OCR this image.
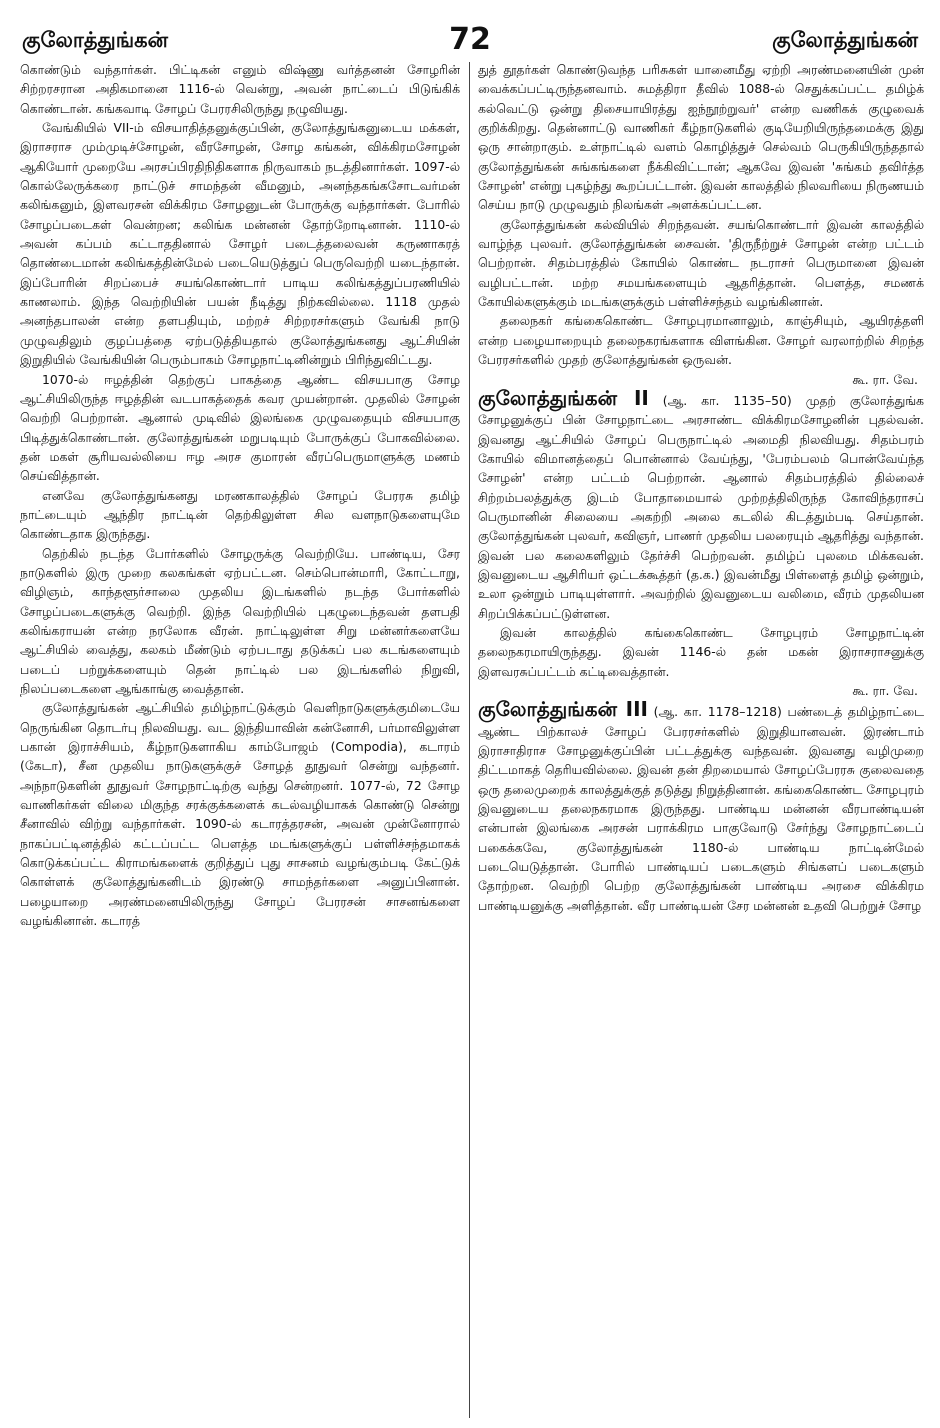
குலோத்துங்கன்	72	குலோத்துங்கன்

கொண்டும் வந்தார்கள். பிட்டிகன் எனும் விஷ்ணு வர்த்தனன் சோழரின் சிற்றரசரான அதிகமானை 1116-ல் வென்று, அவன் நாட்டைப் பிடுங்கிக் கொண்டான். கங்கவாடி சோழப் பேரரசிலிருந்து நழுவியது.

வேங்கியில் VII-ம் விசயாதித்தனுக்குப்பின், குலோத்துங்கனுடைய மக்கள், இராசராச மும்முடிச்சோழன், வீரசோழன், சோழ கங்கன், விக்கிரமசோழன் ஆகியோர் முறையே அரசப்பிரதிநிதிகளாக நிருவாகம் நடத்தினார்கள். 1097-ல் கொல்லேருக்கரை நாட்டுச் சாமந்தன் வீமனும், அனந்தகங்கசோடவர்மன் கலிங்கனும், இளவரசன் விக்கிரம சோழனுடன் போருக்கு வந்தார்கள். போரில் சோழப்படைகள் வென்றன; கலிங்க மன்னன் தோற்றோடினான். 1110-ல் அவன் கப்பம் கட்டாததினால் சோழர் படைத்தலைவன் கருணாகரத் தொண்டைமான் கலிங்கத்தின்மேல் படையெடுத்துப் பெருவெற்றி யடைந்தான். இப்போரின் சிறப்பைச் சயங்கொண்டார் பாடிய கலிங்கத்துப்பரணியில் காணலாம். இந்த வெற்றியின் பயன் நீடித்து நிற்கவில்லை. 1118 முதல் அனந்தபாலன் என்ற தளபதியும், மற்றச் சிற்றரசர்களும் வேங்கி நாடு முழுவதிலும் குழப்பத்தை ஏற்படுத்தியதால் குலோத்துங்கனது ஆட்சியின் இறுதியில் வேங்கியின் பெரும்பாகம் சோழநாட்டினின்றும் பிரிந்துவிட்டது.

1070-ல் ஈழத்தின் தெற்குப் பாகத்தை ஆண்ட விசயபாகு சோழ ஆட்சியிலிருந்த ஈழத்தின் வடபாகத்தைக் கவர முயன்றான். முதலில் சோழன் வெற்றி பெற்றான். ஆனால் முடிவில் இலங்கை முழுவதையும் விசயபாகு பிடித்துக்கொண்டான். குலோத்துங்கன் மறுபடியும் போருக்குப் போகவில்லை. தன் மகள் சூரியவல்லியை ஈழ அரச குமாரன் வீரப்பெருமாளுக்கு மணம் செய்வித்தான்.

எனவே குலோத்துங்கனது மரணகாலத்தில் சோழப் பேரரசு தமிழ் நாட்டையும் ஆந்திர நாட்டின் தெற்கிலுள்ள சில வளநாடுகளையுமே கொண்டதாக இருந்தது.

தெற்கில் நடந்த போர்களில் சோழருக்கு வெற்றியே. பாண்டிய, சேர நாடுகளில் இரு முறை கலகங்கள் ஏற்பட்டன. செம்பொன்மாரி, கோட்டாறு, விழிஞம், காந்தளூர்சாலை முதலிய இடங்களில் நடந்த போர்களில் சோழப்படைகளுக்கு வெற்றி. இந்த வெற்றியில் புகழுடைந்தவன் தளபதி கலிங்கராயன் என்ற நரலோக வீரன். நாட்டிலுள்ள சிறு மன்னர்களையே ஆட்சியில் வைத்து, கலகம் மீண்டும் ஏற்படாது தடுக்கப் பல கடங்களையும் படைப் பற்றுக்களையும் தென் நாட்டில் பல இடங்களில் நிறுவி, நிலப்படைகளை ஆங்காங்கு வைத்தான்.

குலோத்துங்கன் ஆட்சியில் தமிழ்நாட்டுக்கும் வெளிநாடுகளுக்குமிடையே நெருங்கின தொடர்பு நிலவியது. வட இந்தியாவின் கன்னோசி, பர்மாவிலுள்ள பகான் இராச்சியம், கீழ்நாடுகளாகிய காம்போஜம் (Compodia), கடாரம் (கேடா), சீன முதலிய நாடுகளுக்குச் சோழத் தூதுவர் சென்று வந்தனர். அந்நாடுகளின் தூதுவர் சோழநாட்டிற்கு வந்து சென்றனர். 1077-ல், 72 சோழ வாணிகர்கள் விலை மிகுந்த சரக்குக்களைக் கடல்வழியாகக் கொண்டு சென்று சீனாவில் விற்று வந்தார்கள். 1090-ல் கடாரத்தரசன், அவன் முன்னோரால் நாகப்பட்டினத்தில் கட்டப்பட்ட பௌத்த மடங்களுக்குப் பள்ளிச்சந்தமாகக் கொடுக்கப்பட்ட கிராமங்களைக் குறித்துப் புது சாசனம் வழங்கும்படி கேட்டுக் கொள்ளக் குலோத்துங்கனிடம் இரண்டு சாமந்தர்களை அனுப்பினான். பழையாறை அரண்மனையிலிருந்து சோழப் பேரரசன் சாசனங்களை வழங்கினான். கடாரத்

துத் தூதர்கள் கொண்டுவந்த பரிசுகள் யானைமீது ஏற்றி அரண்மனையின் முன் வைக்கப்பட்டிருந்தனவாம். சுமத்திரா தீவில் 1088-ல் செதுக்கப்பட்ட தமிழ்க் கல்வெட்டு ஒன்று திசையாயிரத்து ஐந்நூற்றுவர்' என்ற வணிகக் குழுவைக் குறிக்கிறது. தென்னாட்டு வாணிகர் கீழ்நாடுகளில் குடியேறியிருந்தமைக்கு இது ஒரு சான்றாகும். உள்நாட்டில் வளம் கொழித்துச் செல்வம் பெருகியிருந்ததால் குலோத்துங்கன் சுங்கங்களை நீக்கிவிட்டான்; ஆகவே இவன் 'சுங்கம் தவிர்த்த சோழன்' என்று புகழ்ந்து கூறப்பட்டான். இவன் காலத்தில் நிலவரியை நிருணயம் செய்ய நாடு முழுவதும் நிலங்கள் அளக்கப்பட்டன.

குலோத்துங்கன் கல்வியில் சிறந்தவன். சயங்கொண்டார் இவன் காலத்தில் வாழ்ந்த புலவர். குலோத்துங்கன் சைவன். 'திருநீற்றுச் சோழன் என்ற பட்டம் பெற்றான். சிதம்பரத்தில் கோயில் கொண்ட நடராசர் பெருமானை இவன் வழிபட்டான். மற்ற சமயங்களையும் ஆதரித்தான். பௌத்த, சமணக் கோயில்களுக்கும் மடங்களுக்கும் பள்ளிச்சந்தம் வழங்கினான்.

தலைநகர் கங்கைகொண்ட சோழபுரமானாலும், காஞ்சியும், ஆயிரத்தளி என்ற பழையாறையும் தலைநகரங்களாக விளங்கின. சோழர் வரலாற்றில் சிறந்த பேரரசர்களில் முதற் குலோத்துங்கன் ஒருவன்.
கூ. ரா. வே.

குலோத்துங்கன் II (ஆ. கா. 1135–50) முதற் குலோத்துங்க சோழனுக்குப் பின் சோழநாட்டை அரசாண்ட விக்கிரமசோழனின் புதல்வன். இவனது ஆட்சியில் சோழப் பெருநாட்டில் அமைதி நிலவியது. சிதம்பரம் கோயில் விமானத்தைப் பொன்னால் வேய்ந்து, 'பேரம்பலம் பொன்வேய்ந்த சோழன்' என்ற பட்டம் பெற்றான். ஆனால் சிதம்பரத்தில் தில்லைச் சிற்றம்பலத்துக்கு இடம் போதாமையால் முற்றத்திலிருந்த கோவிந்தராசப் பெருமானின் சிலையை அகற்றி அலை கடலில் கிடத்தும்படி செய்தான். குலோத்துங்கன் புலவர், கவிஞர், பாணர் முதலிய பலரையும் ஆதரித்து வந்தான். இவன் பல கலைகளிலும் தேர்ச்சி பெற்றவன். தமிழ்ப் புலமை மிக்கவன். இவனுடைய ஆசிரியர் ஒட்டக்கூத்தர் (த.க.) இவன்மீது பிள்ளைத் தமிழ் ஒன்றும், உலா ஒன்றும் பாடியுள்ளார். அவற்றில் இவனுடைய வலிமை, வீரம் முதலியன சிறப்பிக்கப்பட்டுள்ளன.

இவன் காலத்தில் கங்கைகொண்ட சோழபுரம் சோழநாட்டின் தலைநகரமாயிருந்தது. இவன் 1146-ல் தன் மகன் இராசராசனுக்கு இளவரசுப்பட்டம் கட்டிவைத்தான்.
கூ. ரா. வே.

குலோத்துங்கன் III (ஆ. கா. 1178–1218) பண்டைத் தமிழ்நாட்டை ஆண்ட பிற்காலச் சோழப் பேரரசர்களில் இறுதியானவன். இரண்டாம் இராசாதிராச சோழனுக்குப்பின் பட்டத்துக்கு வந்தவன். இவனது வழிமுறை திட்டமாகத் தெரியவில்லை. இவன் தன் திறமையால் சோழப்பேரரசு குலைவதை ஒரு தலைமுறைக் காலத்துக்குத் தடுத்து நிறுத்தினான். கங்கைகொண்ட சோழபுரம் இவனுடைய தலைநகரமாக இருந்தது. பாண்டிய மன்னன் வீரபாண்டியன் என்பான் இலங்கை அரசன் பராக்கிரம பாகுவோடு சேர்ந்து சோழநாட்டைப் பகைக்கவே, குலோத்துங்கன் 1180-ல் பாண்டிய நாட்டின்மேல் படையெடுத்தான். போரில் பாண்டியப் படைகளும் சிங்களப் படைகளும் தோற்றன. வெற்றி பெற்ற குலோத்துங்கன் பாண்டிய அரசை விக்கிரம பாண்டியனுக்கு அளித்தான். வீர பாண்டியன் சேர மன்னன் உதவி பெற்றுச் சோழ
